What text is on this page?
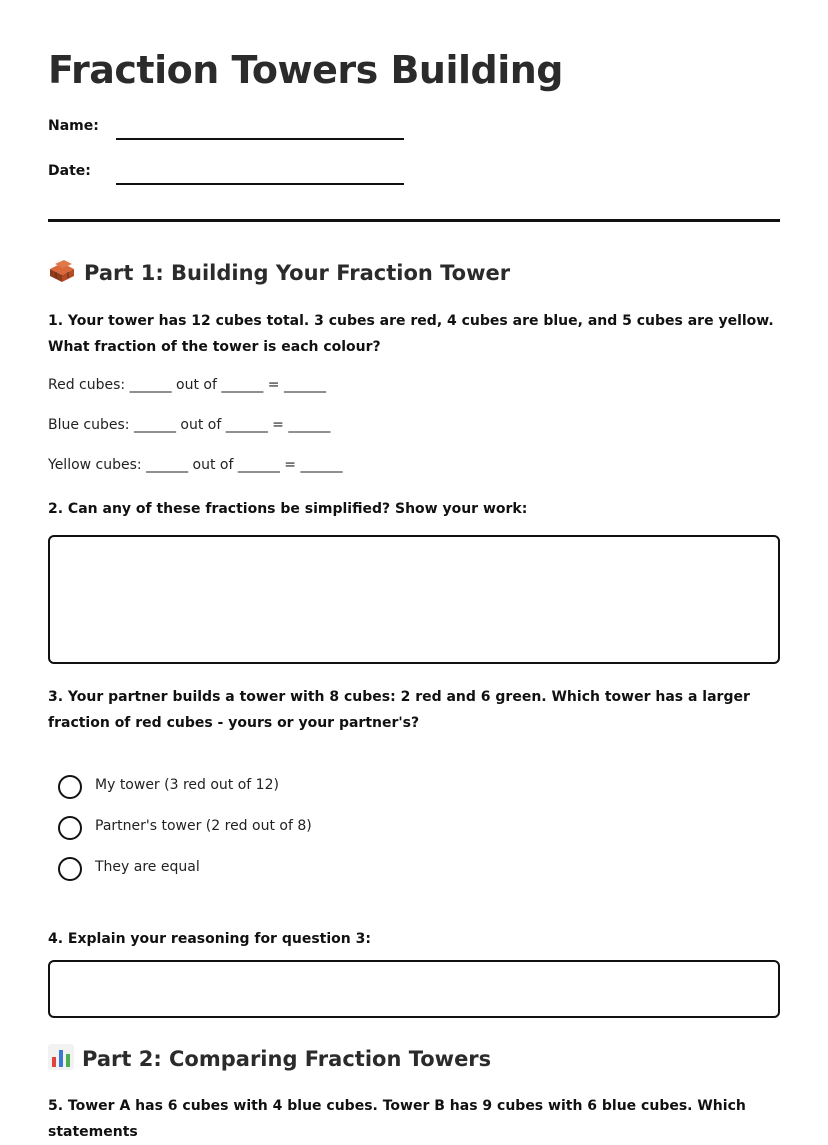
Fraction Towers Building
Name:
Date:
Part 1: Building Your Fraction Tower

1. Your tower has 12 cubes total. 3 cubes are red, 4 cubes are blue, and 5 cubes are yellow. What fraction of the tower is each colour?

Red cubes: ______ out of ______ = ______
Blue cubes: ______ out of ______ = ______
Yellow cubes: ______ out of ______ = ______

2. Can any of these fractions be simplified? Show your work:

3. Your partner builds a tower with 8 cubes: 2 red and 6 green. Which tower has a larger fraction of red cubes - yours or your partner's?

My tower (3 red out of 12)
Partner's tower (2 red out of 8)
They are equal

4. Explain your reasoning for question 3:

Part 2: Comparing Fraction Towers

5. Tower A has 6 cubes with 4 blue cubes. Tower B has 9 cubes with 6 blue cubes. Which statements
